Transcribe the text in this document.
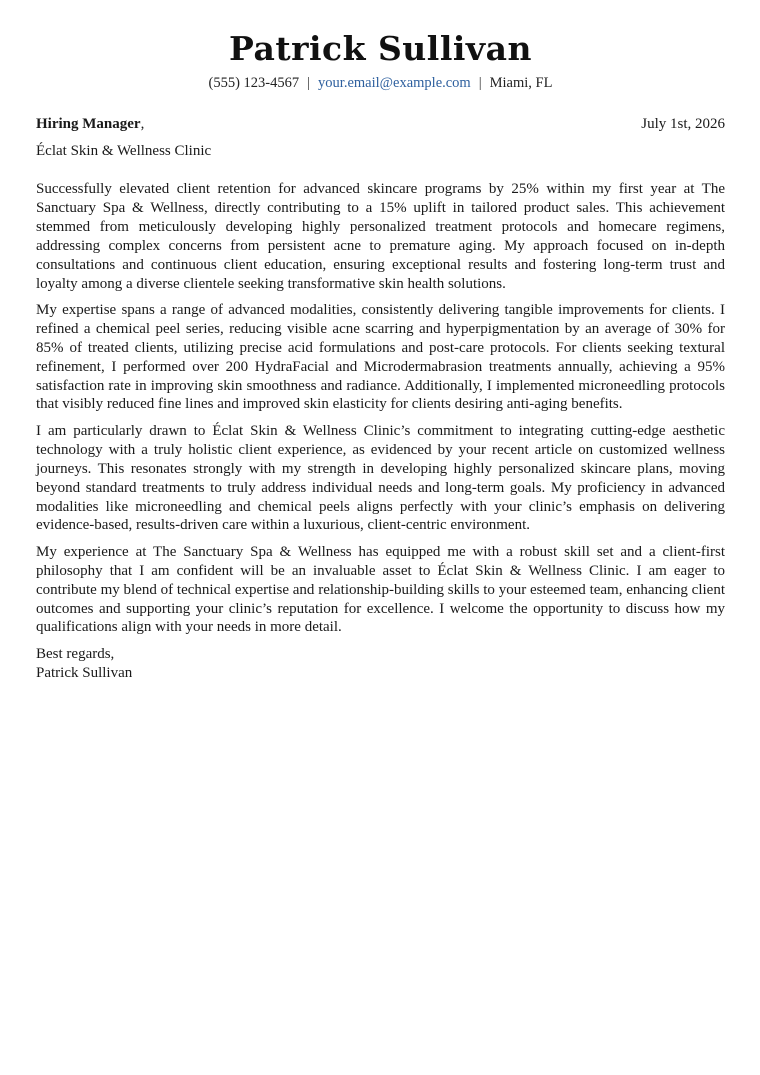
Patrick Sullivan
(555) 123-4567 | your.email@example.com | Miami, FL
Hiring Manager,	July 1st, 2026
Éclat Skin & Wellness Clinic

Successfully elevated client retention for advanced skincare programs by 25% within my first year at The Sanctuary Spa & Wellness, directly contributing to a 15% uplift in tailored product sales. This achievement stemmed from meticulously developing highly personalized treatment protocols and homecare regimens, addressing complex concerns from persistent acne to premature aging. My approach focused on in-depth consultations and continuous client education, ensuring exceptional results and fostering long-term trust and loyalty among a diverse clientele seeking transformative skin health solutions.

My expertise spans a range of advanced modalities, consistently delivering tangible improvements for clients. I refined a chemical peel series, reducing visible acne scarring and hyperpigmentation by an average of 30% for 85% of treated clients, utilizing precise acid formulations and post-care protocols. For clients seeking textural refinement, I performed over 200 HydraFacial and Microdermabrasion treatments annually, achieving a 95% satisfaction rate in improving skin smoothness and radiance. Additionally, I implemented microneedling protocols that visibly reduced fine lines and improved skin elasticity for clients desiring anti-aging benefits.

I am particularly drawn to Éclat Skin & Wellness Clinic’s commitment to integrating cutting-edge aesthetic technology with a truly holistic client experience, as evidenced by your recent article on customized wellness journeys. This resonates strongly with my strength in developing highly personalized skincare plans, moving beyond standard treatments to truly address individual needs and long-term goals. My proficiency in advanced modalities like microneedling and chemical peels aligns perfectly with your clinic’s emphasis on delivering evidence-based, results-driven care within a luxurious, client-centric environment.

My experience at The Sanctuary Spa & Wellness has equipped me with a robust skill set and a client-first philosophy that I am confident will be an invaluable asset to Éclat Skin & Wellness Clinic. I am eager to contribute my blend of technical expertise and relationship-building skills to your esteemed team, enhancing client outcomes and supporting your clinic’s reputation for excellence. I welcome the opportunity to discuss how my qualifications align with your needs in more detail.

Best regards,
Patrick Sullivan
